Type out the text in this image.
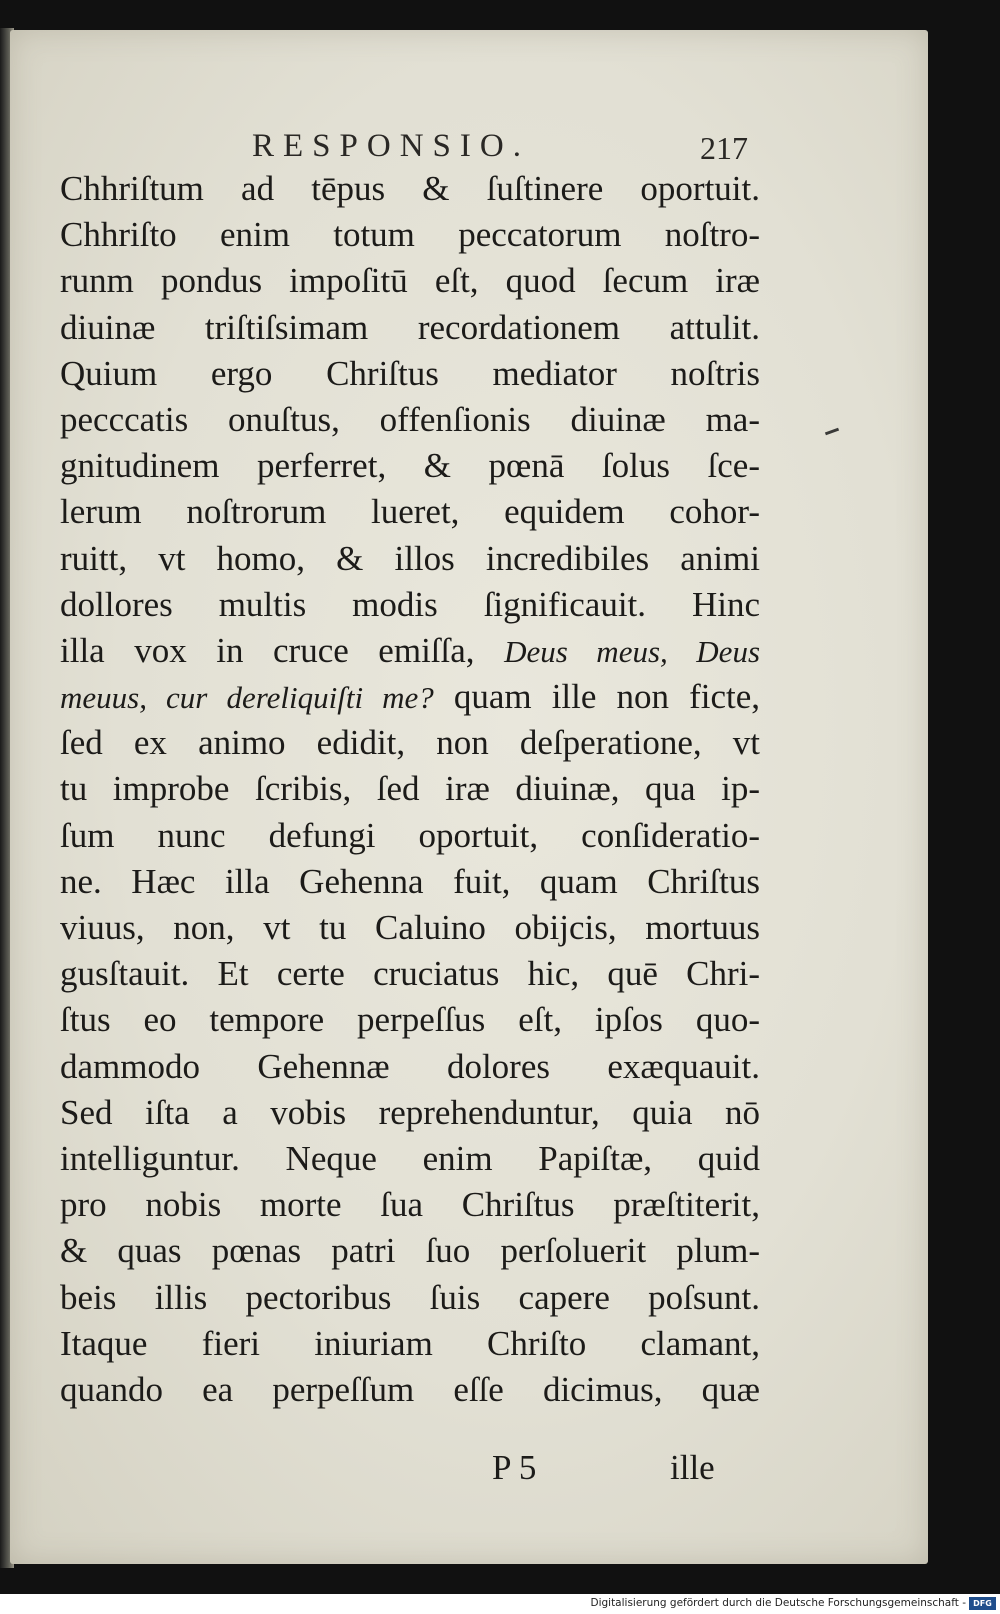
RESPONSIO.	217
Chhriſtum ad tēpus & ſuſtinere oportuit.
Chhriſto enim totum peccatorum noſtro-
runm pondus impoſitū eſt, quod ſecum iræ
diuinæ triſtiſsimam recordationem attulit.
Quium ergo Chriſtus mediator noſtris
pecccatis onuſtus, offenſionis diuinæ ma-
gnitudinem perferret, & pœnā ſolus ſce-
lerum noſtrorum lueret, equidem cohor-
ruitt, vt homo, & illos incredibiles animi
dollores multis modis ſignificauit. Hinc
illa vox in cruce emiſſa, Deus meus, Deus
meuus, cur dereliquiſti me? quam ille non ficte,
ſed ex animo edidit, non deſperatione, vt
tu improbe ſcribis, ſed iræ diuinæ, qua ip-
ſum nunc defungi oportuit, conſideratio-
ne. Hæc illa Gehenna fuit, quam Chriſtus
viuus, non, vt tu Caluino obijcis, mortuus
gusſtauit. Et certe cruciatus hic, quē Chri-
ſtus eo tempore perpeſſus eſt, ipſos quo-
dammodo Gehennæ dolores exæquauit.
Sed iſta a vobis reprehenduntur, quia nō
intelliguntur. Neque enim Papiſtæ, quid
pro nobis morte ſua Chriſtus præſtiterit,
& quas pœnas patri ſuo perſoluerit plum-
beis illis pectoribus ſuis capere poſsunt.
Itaque fieri iniuriam Chriſto clamant,
quando ea perpeſſum eſſe dicimus, quæ
P 5	ille
Digitalisierung gefördert durch die Deutsche Forschungsgemeinschaft - DFG
